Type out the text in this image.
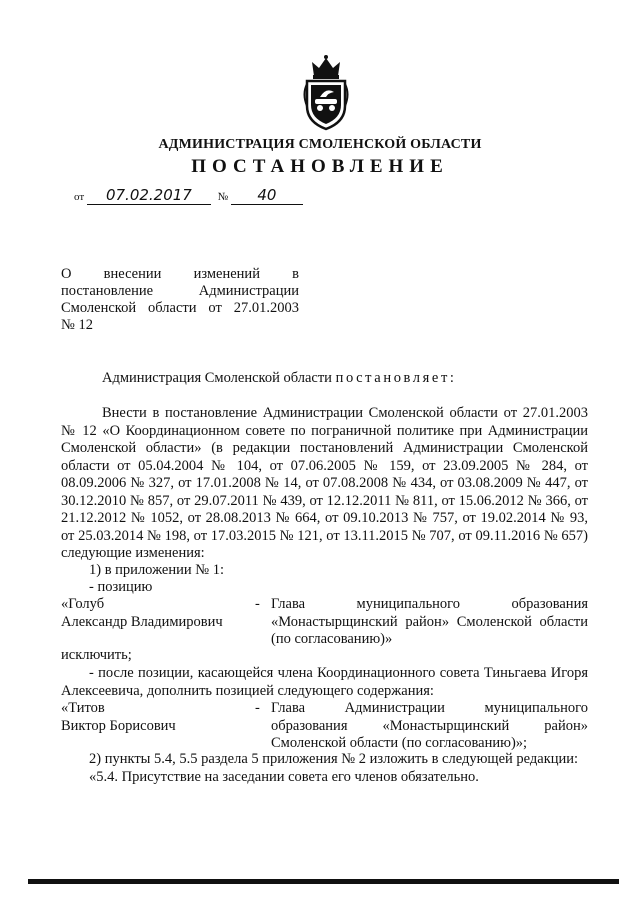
АДМИНИСТРАЦИЯ СМОЛЕНСКОЙ ОБЛАСТИ
ПОСТАНОВЛЕНИЕ
от 07.02.2017 № 40
О внесении изменений в
постановление Администрации
Смоленской области от 27.01.2003
№ 12
Администрация Смоленской области постановляет:
Внести в постановление Администрации Смоленской области от 27.01.2003
№ 12 «О Координационном совете по пограничной политике при Администрации
Смоленской области» (в редакции постановлений Администрации Смоленской
области от 05.04.2004 № 104, от 07.06.2005 № 159, от 23.09.2005 № 284, от
08.09.2006 № 327, от 17.01.2008 № 14, от 07.08.2008 № 434, от 03.08.2009 № 447, от
30.12.2010 № 857, от 29.07.2011 № 439, от 12.12.2011 № 811, от 15.06.2012 № 366, от
21.12.2012 № 1052, от 28.08.2013 № 664, от 09.10.2013 № 757, от 19.02.2014 № 93,
от 25.03.2014 № 198, от 17.03.2015 № 121, от 13.11.2015 № 707, от 09.11.2016 № 657)
следующие изменения:
1) в приложении № 1:
- позицию
«Голуб
Александр Владимирович
- Глава муниципального образования
«Монастырщинский район» Смоленской области
(по согласованию)»
исключить;
- после позиции, касающейся члена Координационного совета Тиньгаева Игоря
Алексеевича, дополнить позицией следующего содержания:
«Титов
Виктор Борисович
- Глава Администрации муниципального
образования «Монастырщинский район»
Смоленской области (по согласованию)»;
2) пункты 5.4, 5.5 раздела 5 приложения № 2 изложить в следующей редакции:
«5.4. Присутствие на заседании совета его членов обязательно.
